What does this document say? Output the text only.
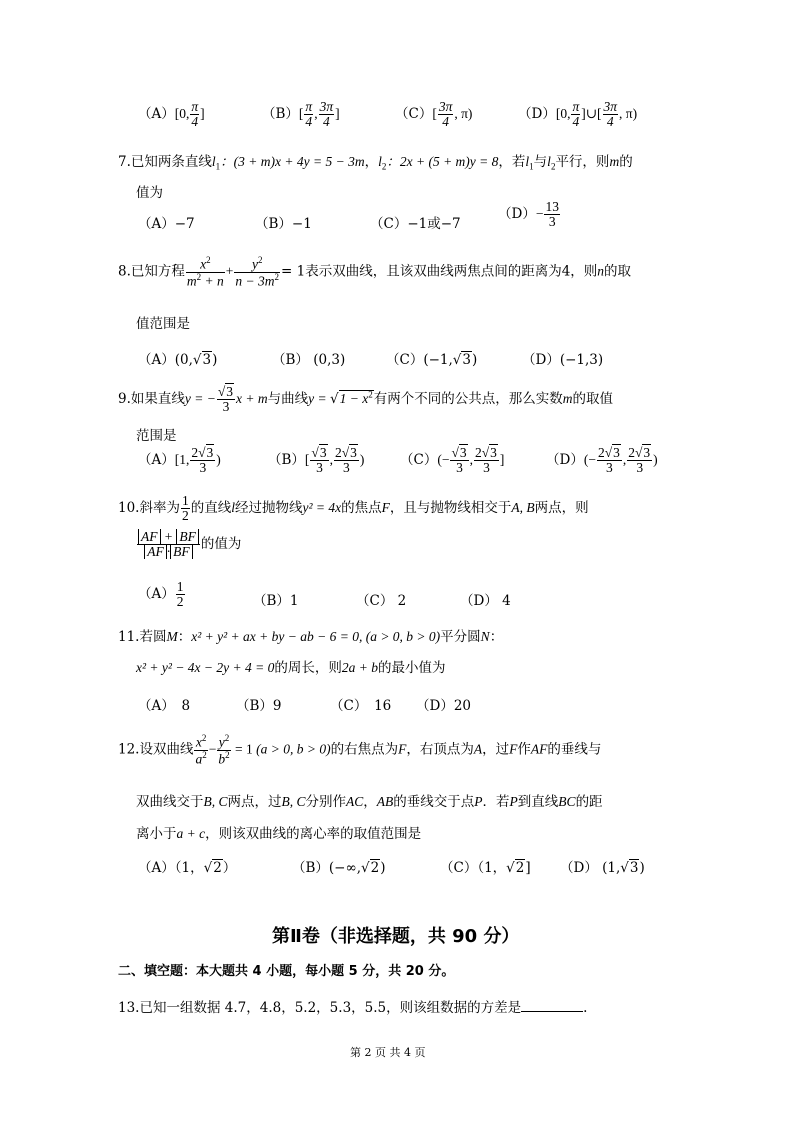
（A）[0, $\frac{\pi}{4}$ ]	$(B)[ \frac{\pi}{4}$ , $\frac{3\pi}{4}$ ]	$(C)[ \frac{3\pi}{4}$ , π)	（D）[0, $\frac{\pi}{4}$ ]∪[ $\frac{3\pi}{4}$ , π)
7.已知两条直线$l_1$：(3 + m)x + 4y = 5 − 3m，$l_2$：2x + (5 + m)y = 8，若$l_1$与$l_2$平行，则m的
值为
（A）−7	（B）−1	（C）−1或−7
$(D)- \frac{13}{3}$
8.已知方程 $\frac{x^2}{m^2 + n} + \frac{y^2}{n - 3m^2} = 1$表示双曲线，且该双曲线两焦点间的距离为4，则n的取
值范围是
（A）(0,√3)	（B） (0,3)	（C）(−1,√3)	（D）(−1,3)
9.如果直线y = − $\frac{√3}{3}$ x + m与曲线$y = √1 - x^2$有两个不同的公共点，那么实数m的取值
范围是
（A）[1, $\frac{2√3}{3}$ )	$(B)[ \frac{√3}{3}$ , $\frac{2√3}{3}$ )	$(C)(- \frac{√3}{3}$ , $\frac{2√3}{3}$ ]	$(D)(- \frac{2√3}{3}$ , $\frac{2√3}{3}$ )
10.斜率为 $\frac{1}{2}$ 的直线l经过抛物线y² = 4x的焦点F，且与抛物线相交于A, B两点，则
$\frac{AF + BF}{AF \cdot BF}$ 的值为
$(A) \frac{1}{2}$	（B）1	（C） 2	（D） 4
11.若圆M：x² + y² + ax + by − ab − 6 = 0, (a > 0, b > 0)平分圆N：
x² + y² − 4x − 2y + 4 = 0的周长，则2a + b的最小值为
（A）　8	（B）9	（C）　16 （D）20
12.设双曲线 $\frac{x^2}{a^2} - \frac{y^2}{b^2} = 1$ (a > 0, b > 0)的右焦点为F，右顶点为A，过F作AF的垂线与
双曲线交于B, C两点，过B, C分别作AC，AB的垂线交于点P．若P到直线BC的距
离小于a + c，则该双曲线的离心率的取值范围是
（A）（1，√2）	（B）(−∞,√2)	（C）（1，√2] （D） (1,√3)
第Ⅱ卷（非选择题，共 90 分）
二、填空题：本大题共 4 小题，每小题 5 分，共 20 分。
13.已知一组数据 4.7，4.8，5.2，5.3，5.5，则该组数据的方差是	.
第 2 页 共 4 页
